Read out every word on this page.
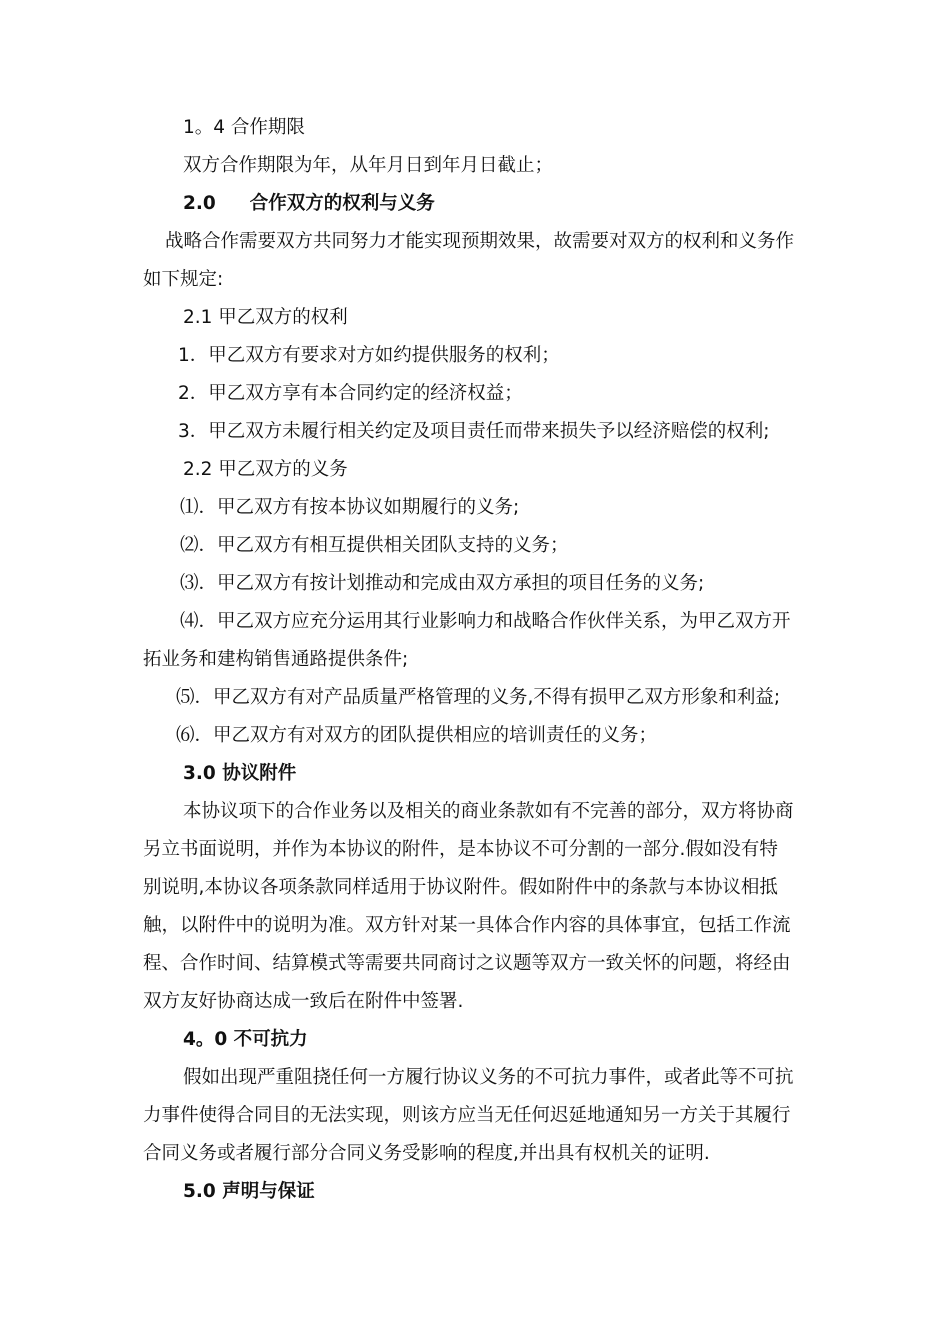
1。4 合作期限
双方合作期限为年，从年月日到年月日截止；
2.0 合作双方的权利与义务
战略合作需要双方共同努力才能实现预期效果，故需要对双方的权利和义务作
如下规定:
2.1 甲乙双方的权利
1．甲乙双方有要求对方如约提供服务的权利；
2．甲乙双方享有本合同约定的经济权益；
3．甲乙双方未履行相关约定及项目责任而带来损失予以经济赔偿的权利;
2.2 甲乙双方的义务
⑴．甲乙双方有按本协议如期履行的义务;
⑵．甲乙双方有相互提供相关团队支持的义务；
⑶．甲乙双方有按计划推动和完成由双方承担的项目任务的义务;
⑷．甲乙双方应充分运用其行业影响力和战略合作伙伴关系，为甲乙双方开
拓业务和建构销售通路提供条件;
⑸．甲乙双方有对产品质量严格管理的义务,不得有损甲乙双方形象和利益;
⑹．甲乙双方有对双方的团队提供相应的培训责任的义务；
3.0 协议附件
本协议项下的合作业务以及相关的商业条款如有不完善的部分，双方将协商
另立书面说明，并作为本协议的附件，是本协议不可分割的一部分.假如没有特
别说明,本协议各项条款同样适用于协议附件。假如附件中的条款与本协议相抵
触，以附件中的说明为准。双方针对某一具体合作内容的具体事宜，包括工作流
程、合作时间、结算模式等需要共同商讨之议题等双方一致关怀的问题，将经由
双方友好协商达成一致后在附件中签署.
4。0 不可抗力
假如出现严重阻挠任何一方履行协议义务的不可抗力事件，或者此等不可抗
力事件使得合同目的无法实现，则该方应当无任何迟延地通知另一方关于其履行
合同义务或者履行部分合同义务受影响的程度,并出具有权机关的证明.
5.0 声明与保证
